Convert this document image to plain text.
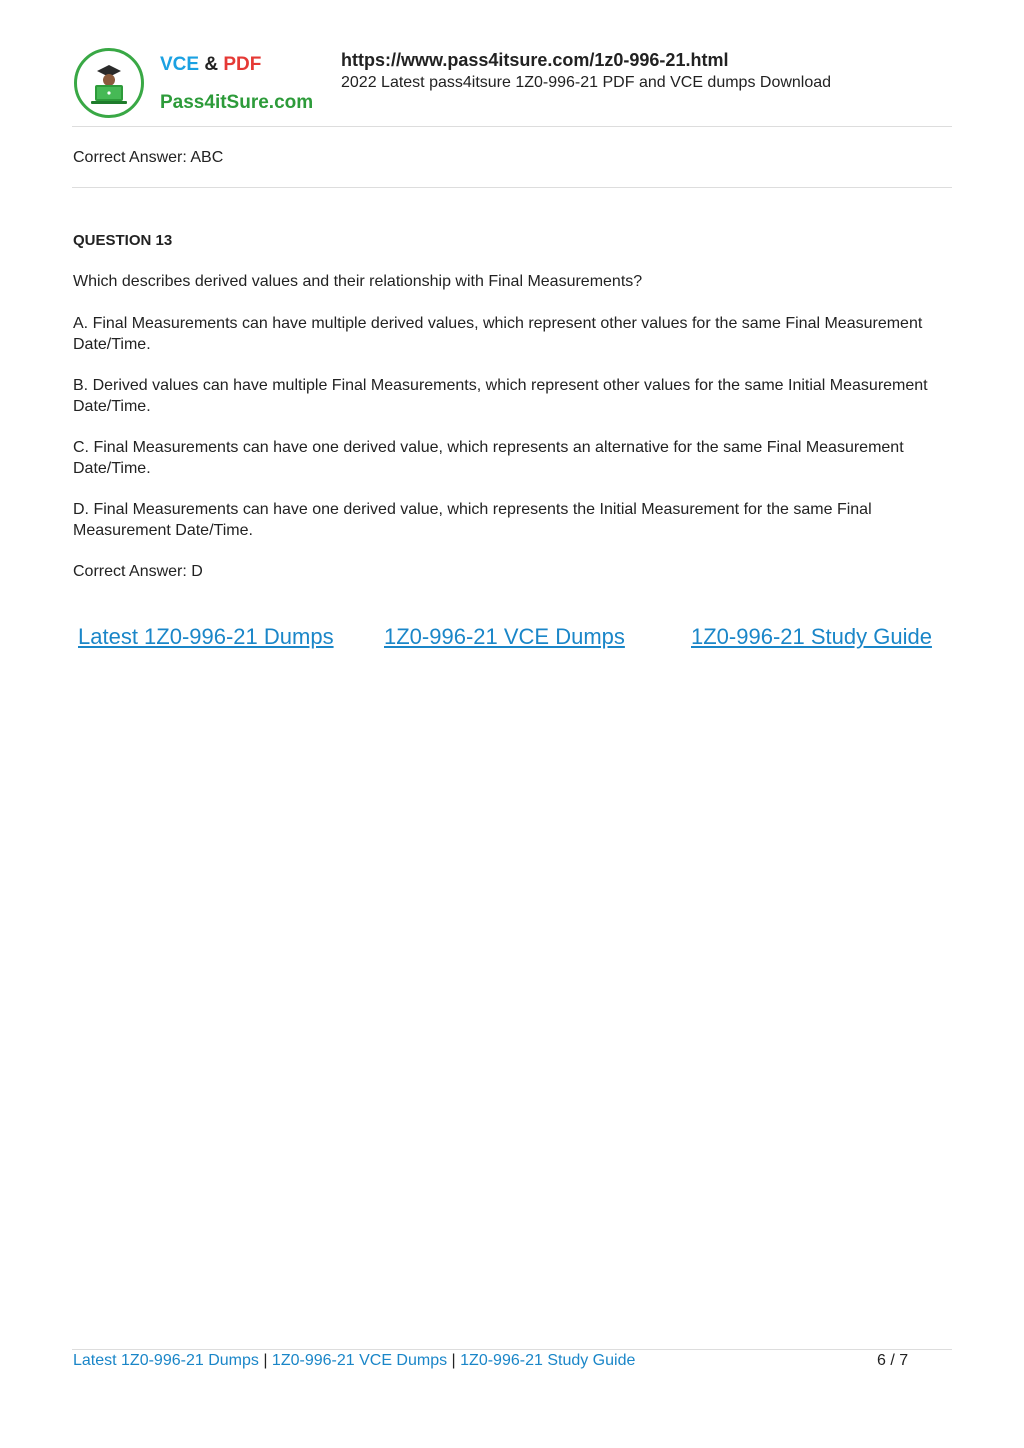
VCE & PDF
Pass4itSure.com
https://www.pass4itsure.com/1z0-996-21.html
2022 Latest pass4itsure 1Z0-996-21 PDF and VCE dumps Download
Correct Answer: ABC
QUESTION 13
Which describes derived values and their relationship with Final Measurements?
A. Final Measurements can have multiple derived values, which represent other values for the same Final Measurement Date/Time.
B. Derived values can have multiple Final Measurements, which represent other values for the same Initial Measurement Date/Time.
C. Final Measurements can have one derived value, which represents an alternative for the same Final Measurement Date/Time.
D. Final Measurements can have one derived value, which represents the Initial Measurement for the same Final Measurement Date/Time.
Correct Answer: D
Latest 1Z0-996-21 Dumps 1Z0-996-21 VCE Dumps	1Z0-996-21 Study Guide
Latest 1Z0-996-21 Dumps | 1Z0-996-21 VCE Dumps | 1Z0-996-21 Study Guide	6 / 7
